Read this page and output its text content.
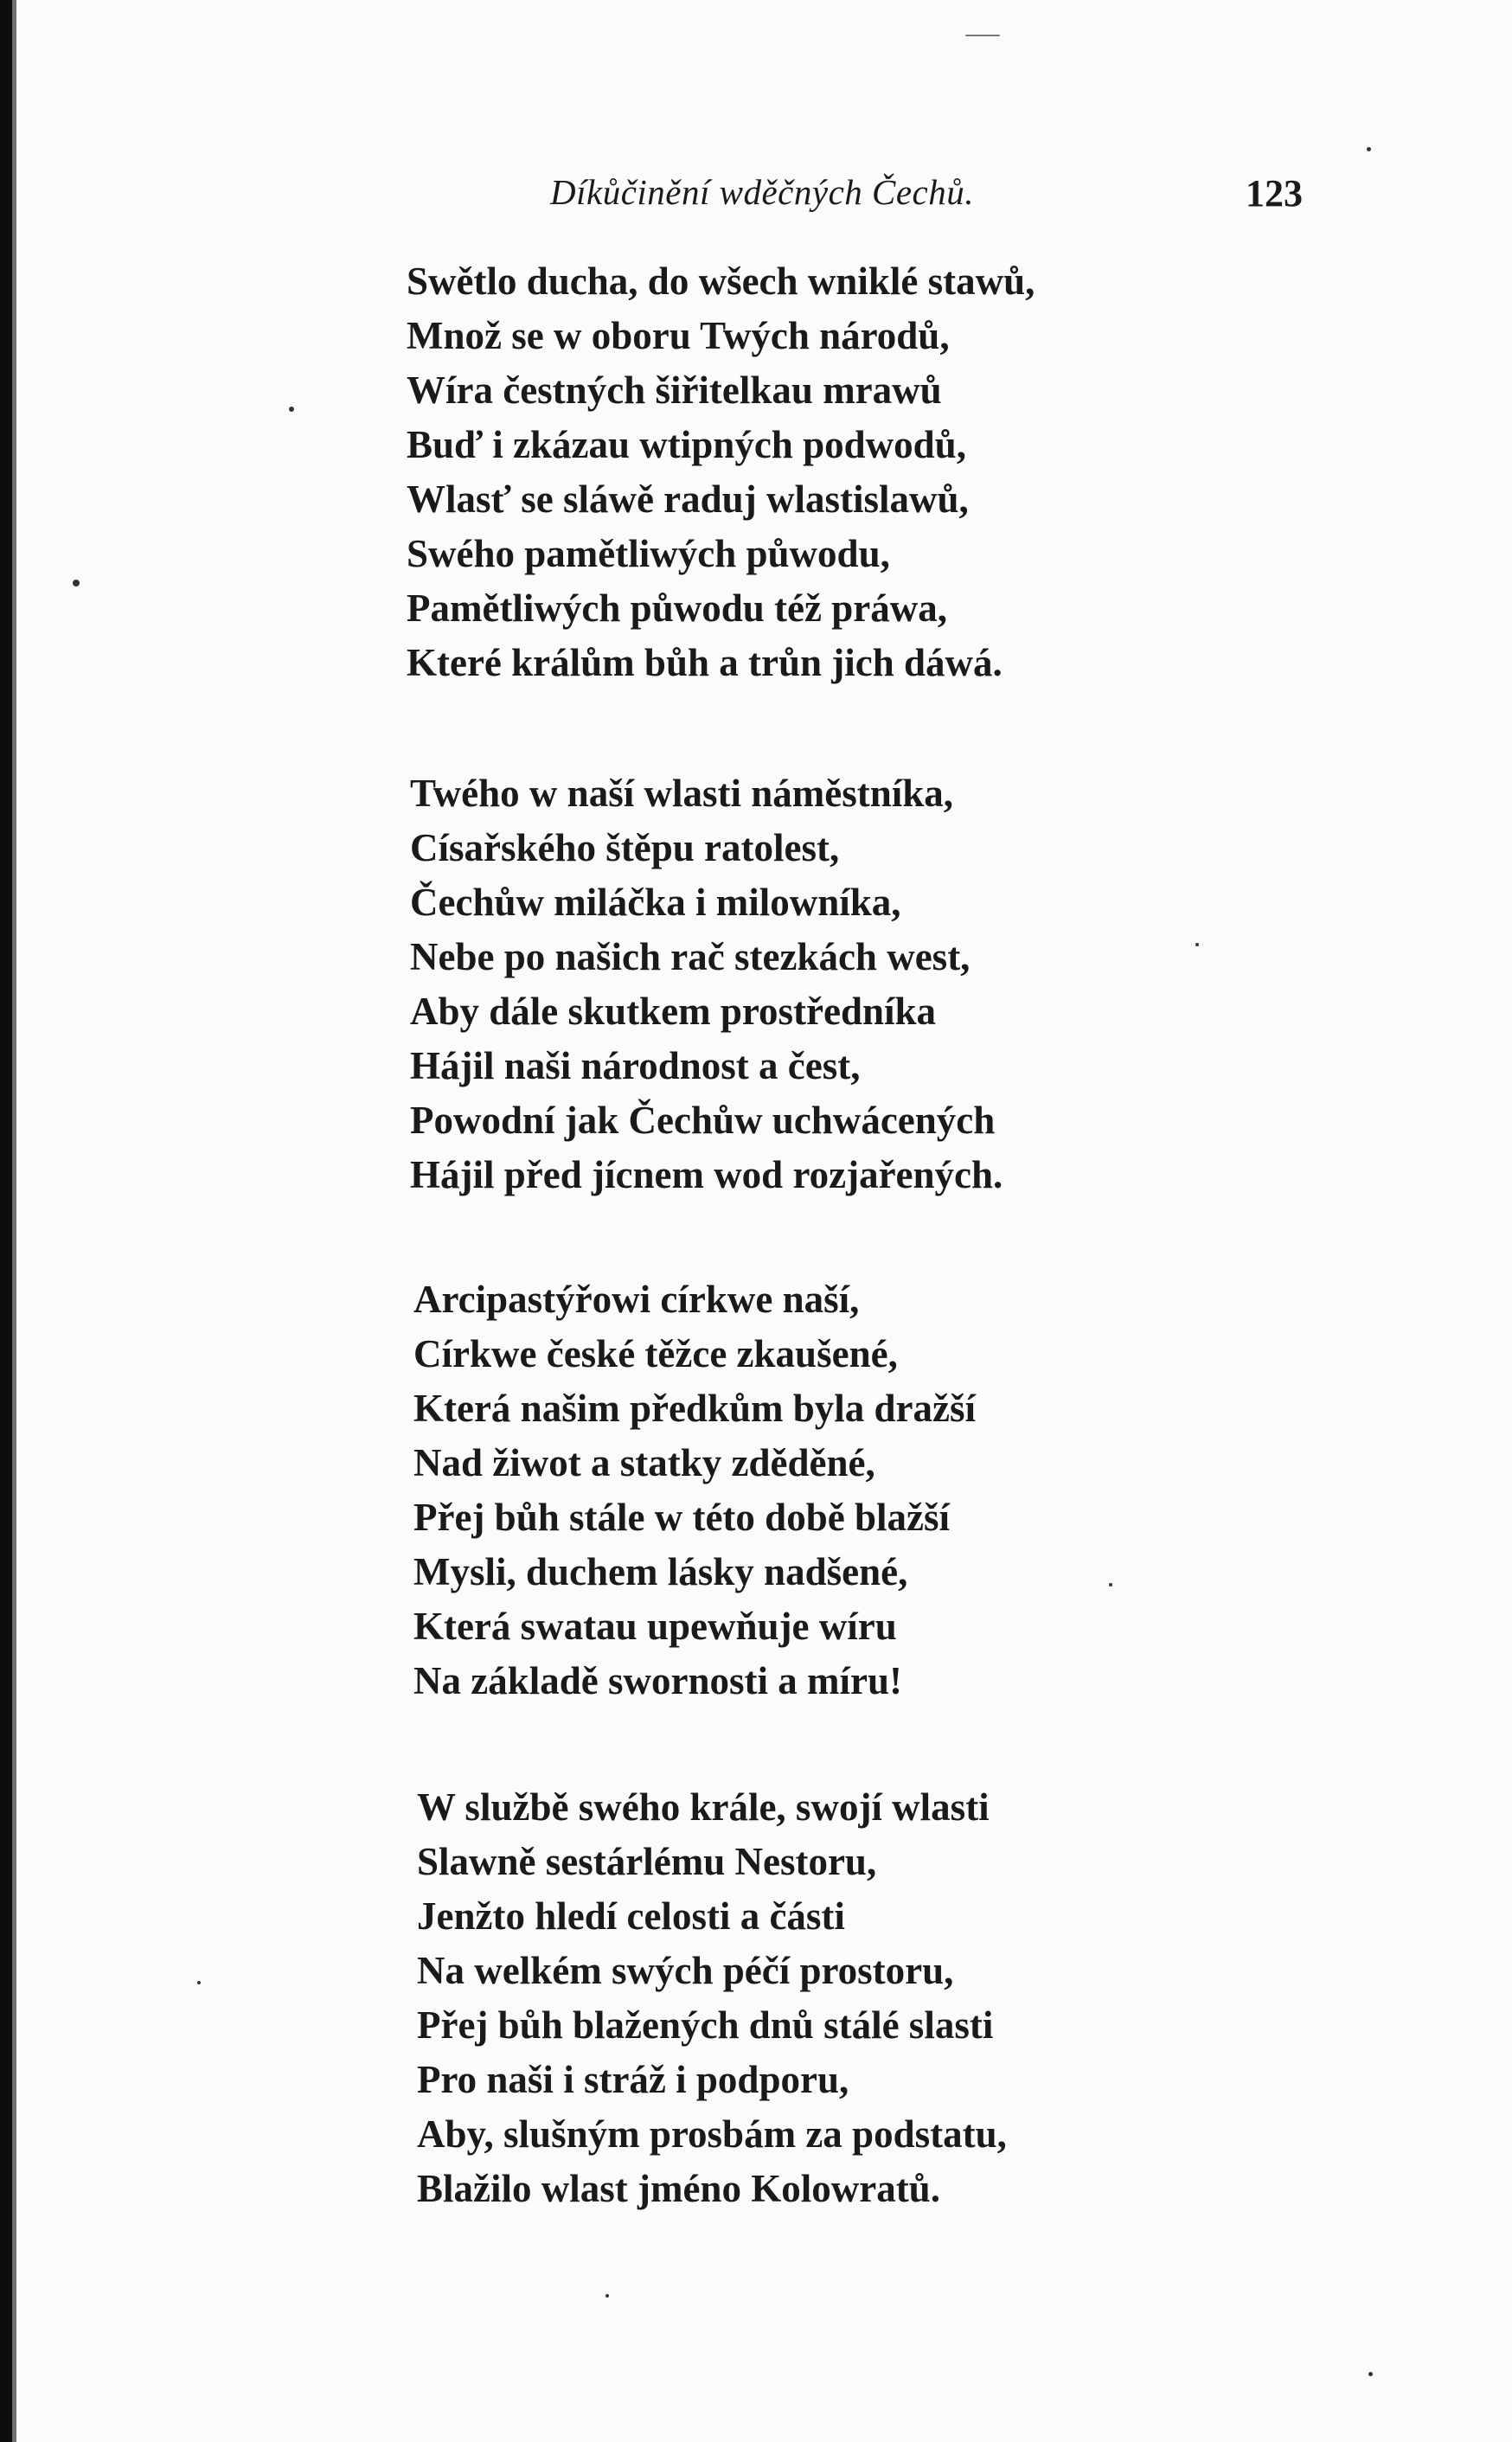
Díkůčinění wděčných Čechů.	123
Swětlo ducha, do wšech wniklé stawů,
Množ se w oboru Twých národů,
Wíra čestných šiřitelkau mrawů
Buď i zkázau wtipných podwodů,
Wlasť se sláwě raduj wlastislawů,
Swého pamětliwých půwodu,
Pamětliwých půwodu též práwa,
Které králům bůh a trůn jich dáwá.
Twého w naší wlasti náměstníka,
Císařského štěpu ratolest,
Čechůw miláčka i milowníka,
Nebe po našich rač stezkách west,
Aby dále skutkem prostředníka
Hájil naši národnost a čest,
Powodní jak Čechůw uchwácených
Hájil před jícnem wod rozjařených.
Arcipastýřowi církwe naší,
Církwe české těžce zkaušené,
Která našim předkům byla dražší
Nad žiwot a statky zděděné,
Přej bůh stále w této době blažší
Mysli, duchem lásky nadšené,
Která swatau upewňuje wíru
Na základě swornosti a míru!
W službě swého krále, swojí wlasti
Slawně sestárlému Nestoru,
Jenžto hledí celosti a části
Na welkém swých péčí prostoru,
Přej bůh blažených dnů stálé slasti
Pro naši i stráž i podporu,
Aby, slušným prosbám za podstatu,
Blažilo wlast jméno Kolowratů.
